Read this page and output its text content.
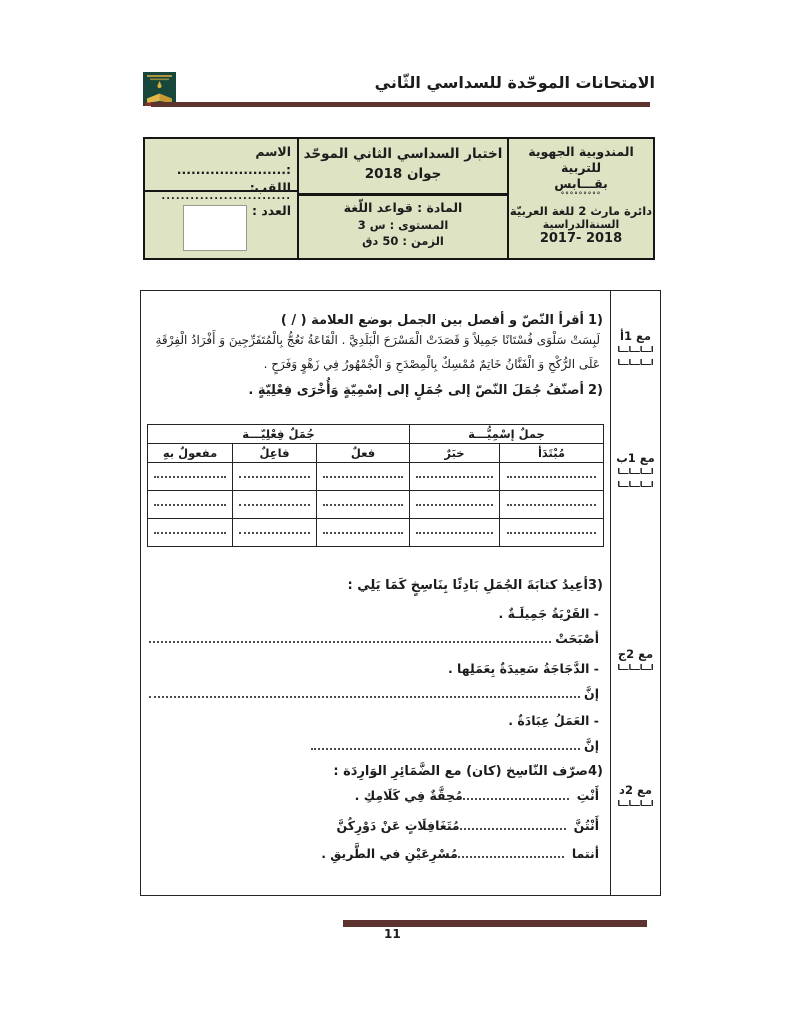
الامتحانات الموحّدة للسداسي الثّاني
المندوبية الجهوية للتربية
بقـــابس
°°°°°°°°°
دائرة مارث 2 للغة العربيّة
السنةالدراسية
2017- 2018
اختبار السداسي الثاني الموحّد
جوان 2018
المادة : قواعد اللّغة
المستوى : س 3
الزمن : 50 دق
الاسم :.......................
اللقب:
...........................
العدد :
1)أقرأ النّصّ و أفصل بين الجمل بوضع العلامة ( / )
لَبِسَتْ سَلْوَى فُسْتَانًا جَمِيلاً وَ قَصَدَتْ الْمَسْرَحَ الْبَلَدِيَّ . الْقَاعَةُ تَعُجُّ بِالْمُتَفَرِّجِينَ وَ أَفْرَادُ الْفِرْقَةِ
عَلَى الرُّكْحِ وَ الْفَنَّانُ خَاتِمٌ مُمْسِكٌ بِالْمِصْدَحِ وَ الْجُمْهُورُ فِي زَهْوٍ وَفَرَحٍ .
2)أصنّفُ جُمَلَ النّصّ إلى جُمَلٍ إلى إسْمِيّةٍ وَأُخْرَى فِعْلِيّةٍ .
جملٌ إسْمِيُّـــة		جُمَلٌ فِعْلِيّـــة		
مُبْتَدَأ	خبَرٌ	فعلٌ	فاعِلٌ	مفعولٌ بهِ

3)أعِيدُ كتابَةَ الجُمَلِ بَادِئًا بِنَاسِخٍ كَمَا يَلِي :
- القَرْيَةُ جَمِيلَـةٌ .
أصْبَحَتْ
- الدَّجَاجَةُ سَعِيدَةٌ بِعَمَلِها .
إنَّ
- العَمَلُ عِبَادَةٌ .
إنَّ
4)صرّف النّاسِخ (كان) مع الضَّمَائِرِ الوَارِدَة :
أَنْتِ
مُحِقَّةٌ فِي كَلَامِكِ .
أَنْتُنَّ
مُتَغَافِلَاتٍ عَنْ دَوْرِكُنَّ
أنتما
مُسْرِعَيْنِ في الطَّريقِ .
مع 1أ
اـــاـــاـــا
اـــاـــاـــا
مع 1ب
اـــاـــاـــا
اـــاـــاـــا
مع 2ج
اـــاـــاـــا
مع 2د
اـــاـــاـــا
11
